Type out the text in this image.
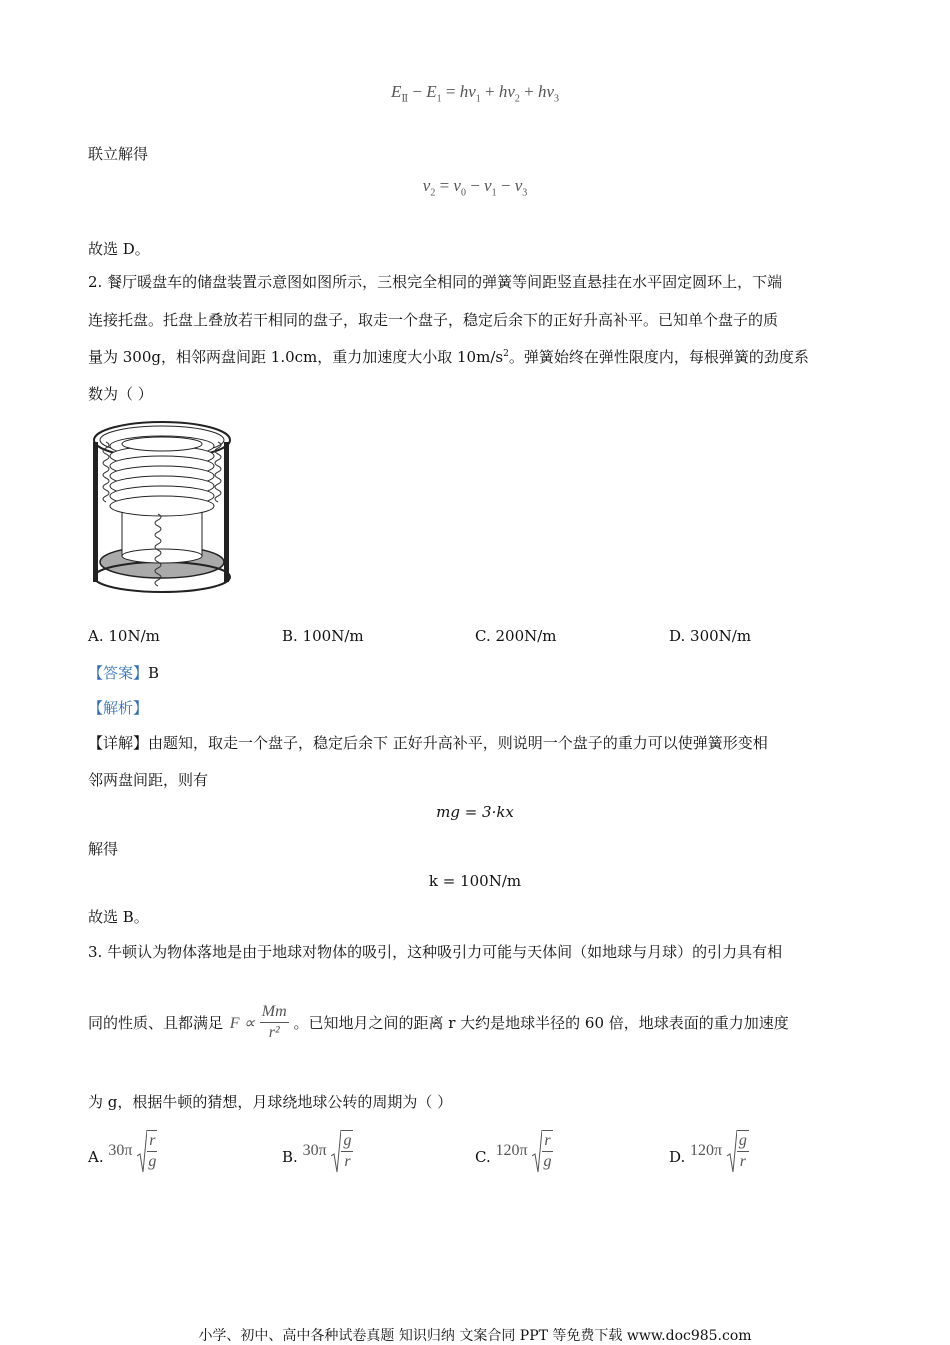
$E_Ⅱ - E_1 = h\nu_1 + h\nu_2 + h\nu_3$
联立解得
$\nu_2 = \nu_0 - \nu_1 - \nu_3$
故选 D。
2. 餐厅暖盘车的储盘装置示意图如图所示，三根完全相同的弹簧等间距竖直悬挂在水平固定圆环上，下端
连接托盘。托盘上叠放若干相同的盘子，取走一个盘子，稳定后余下的正好升高补平。已知单个盘子的质
量为 300g，相邻两盘间距 1.0cm，重力加速度大小取 $10m/s^2$。弹簧始终在弹性限度内，每根弹簧的劲度系
数为（ ）
A. 10N/m	B. 100N/m	C. 200N/m	D. 300N/m
【答案】B
【解析】
【详解】由题知，取走一个盘子，稳定后余下 正好升高补平，则说明一个盘子的重力可以使弹簧形变相
邻两盘间距，则有
mg = 3·kx
解得
k = 100N/m
故选 B。
3. 牛顿认为物体落地是由于地球对物体的吸引，这种吸引力可能与天体间（如地球与月球）的引力具有相
同的性质、且都满足 $F \propto \frac{Mm}{\text{r²}}$ 。已知地月之间的距离 r 大约是地球半径的 60 倍，地球表面的重力加速度
为 g，根据牛顿的猜想，月球绕地球公转的周期为（ ）
A. $30\pi \frac{r}{g}$	B. $30\pi \frac{g}{r}$	C. $120\pi \frac{r}{g}$	D. $120\pi \frac{g}{r}$
小学、初中、高中各种试卷真题 知识归纳 文案合同 PPT 等免费下载 www.doc985.com
